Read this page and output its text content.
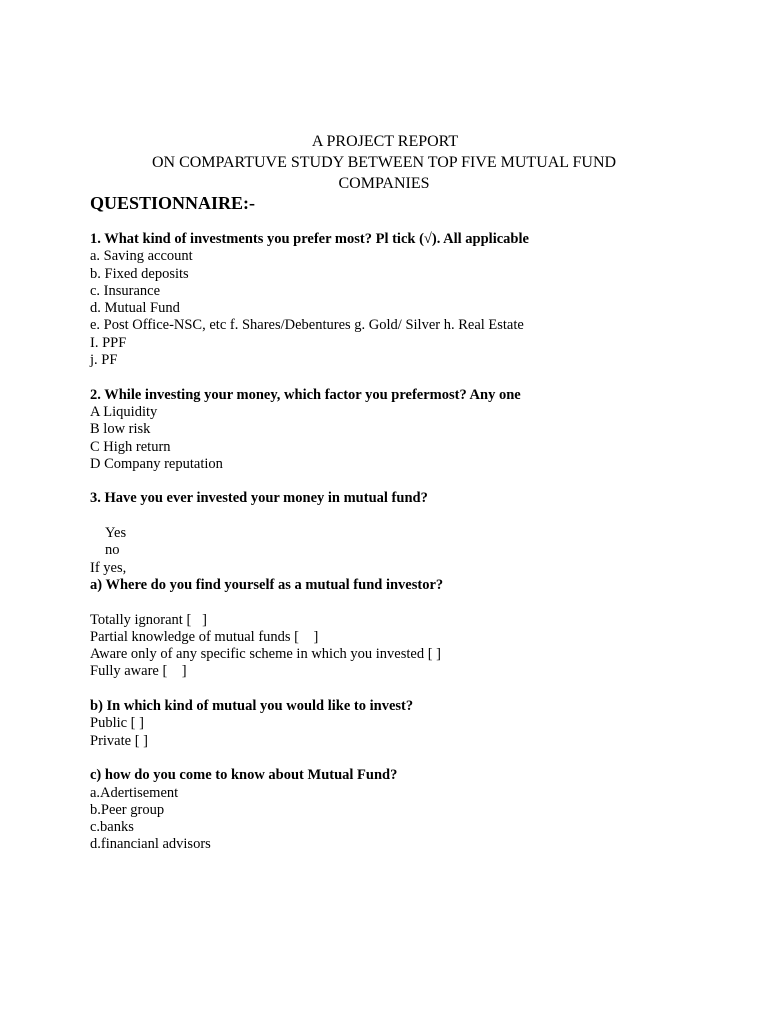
A PROJECT REPORT
ON COMPARTUVE STUDY BETWEEN TOP FIVE MUTUAL FUND
COMPANIES
QUESTIONNAIRE:-
1. What kind of investments you prefer most? Pl tick (√). All applicable
a. Saving account
b. Fixed deposits
c. Insurance
d. Mutual Fund
e. Post Office-NSC, etc f. Shares/Debentures g. Gold/ Silver h. Real Estate
I. PPF
j. PF
2. While investing your money, which factor you prefermost? Any one
A Liquidity
B low risk
C High return
D Company reputation
3. Have you ever invested your money in mutual fund?
Yes
no
If yes,
a) Where do you find yourself as a mutual fund investor?
Totally ignorant [   ]
Partial knowledge of mutual funds [    ]
Aware only of any specific scheme in which you invested [ ]
Fully aware [    ]
b) In which kind of mutual you would like to invest?
Public [ ]
Private [ ]
c) how do you come to know about Mutual Fund?
a.Adertisement
b.Peer group
c.banks
d.financianl advisors
